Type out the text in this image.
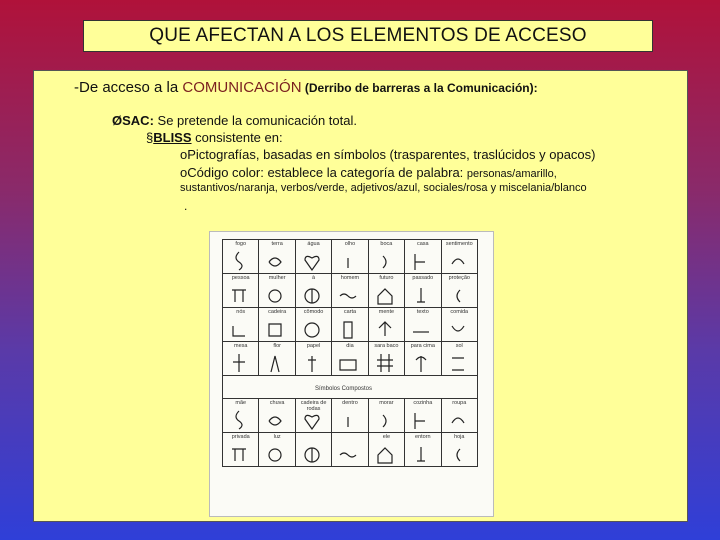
QUE AFECTAN A LOS ELEMENTOS DE ACCESO
-De acceso a la COMUNICACIÓN (Derribo de barreras a la Comunicación):
ØSAC: Se pretende la comunicación total.
§BLISS consistente en:
oPictografías, basadas en símbolos (trasparentes, traslúcidos y opacos)
oCódigo color: establece la categoría de palabra: personas/amarillo,
sustantivos/naranja, verbos/verde, adjetivos/azul, sociales/rosa y miscelania/blanco
.
fogo	terra	água	olho	boca	casa	sentimento

pessoa	mulher	à	homem	futuro	passado	proteção

nós	cadeira	cômodo	carta	mente	texto	comida

mesa	flor	papel	dia	sara baco	para cima	sol
Símbolos Compostos
mãe	chuva	cadeira de rodas	dentro	morar	cozinha	roupa

privada	luz			ele	entorn	hoja
